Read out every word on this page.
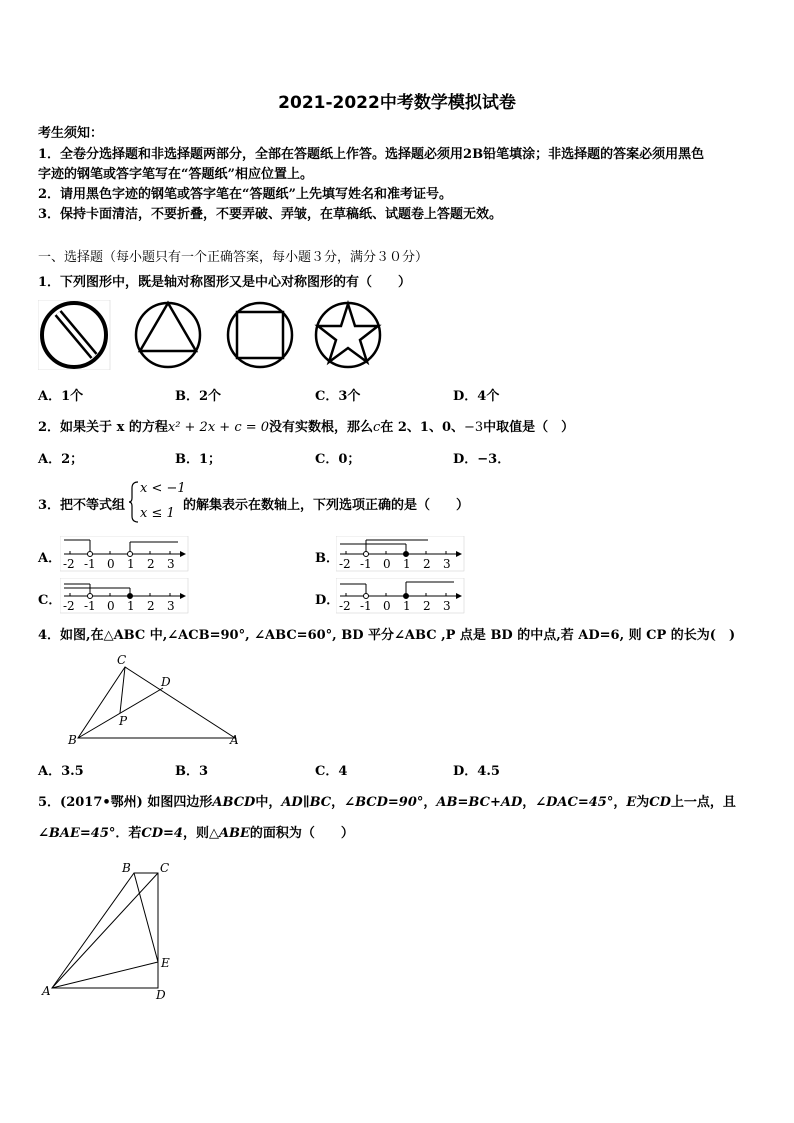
2021-2022中考数学模拟试卷
考生须知：
1．全卷分选择题和非选择题两部分，全部在答题纸上作答。选择题必须用2B铅笔填涂；非选择题的答案必须用黑色
字迹的钢笔或答字笔写在“答题纸”相应位置上。
2．请用黑色字迹的钢笔或答字笔在“答题纸”上先填写姓名和准考证号。
3．保持卡面清洁，不要折叠，不要弄破、弄皱，在草稿纸、试题卷上答题无效。
一、选择题（每小题只有一个正确答案，每小题３分，满分３０分）
1．下列图形中，既是轴对称图形又是中心对称图形的有（　　）
A．1个	B．2个	C．3个	D．4个
2．如果关于 x 的方程x² + 2x + c = 0没有实数根，那么c在 2、1、0、−3中取值是（　）
A．2；	B．1；	C．0；	D．−3．
3．把不等式组
x < −1
x ≤ 1
的解集表示在数轴上，下列选项正确的是（　　）
A． -2 -1 0 1 2 3	B． -2 -1 0 1 2 3
C． -2 -1 0 1 2 3	D． -2 -1 0 1 2 3
4．如图,在△ABC 中,∠ACB=90°, ∠ABC=60°, BD 平分∠ABC ,P 点是 BD 的中点,若 AD=6, 则 CP 的长为(　)
C
D
P
B	A
A．3.5	B．3	C．4	D．4.5
5．(2017•鄂州) 如图四边形ABCD中，AD∥BC，∠BCD=90°，AB=BC+AD，∠DAC=45°，E为CD上一点，且
∠BAE=45°．若CD=4，则△ABE的面积为（　　）
B C
E
A	D
